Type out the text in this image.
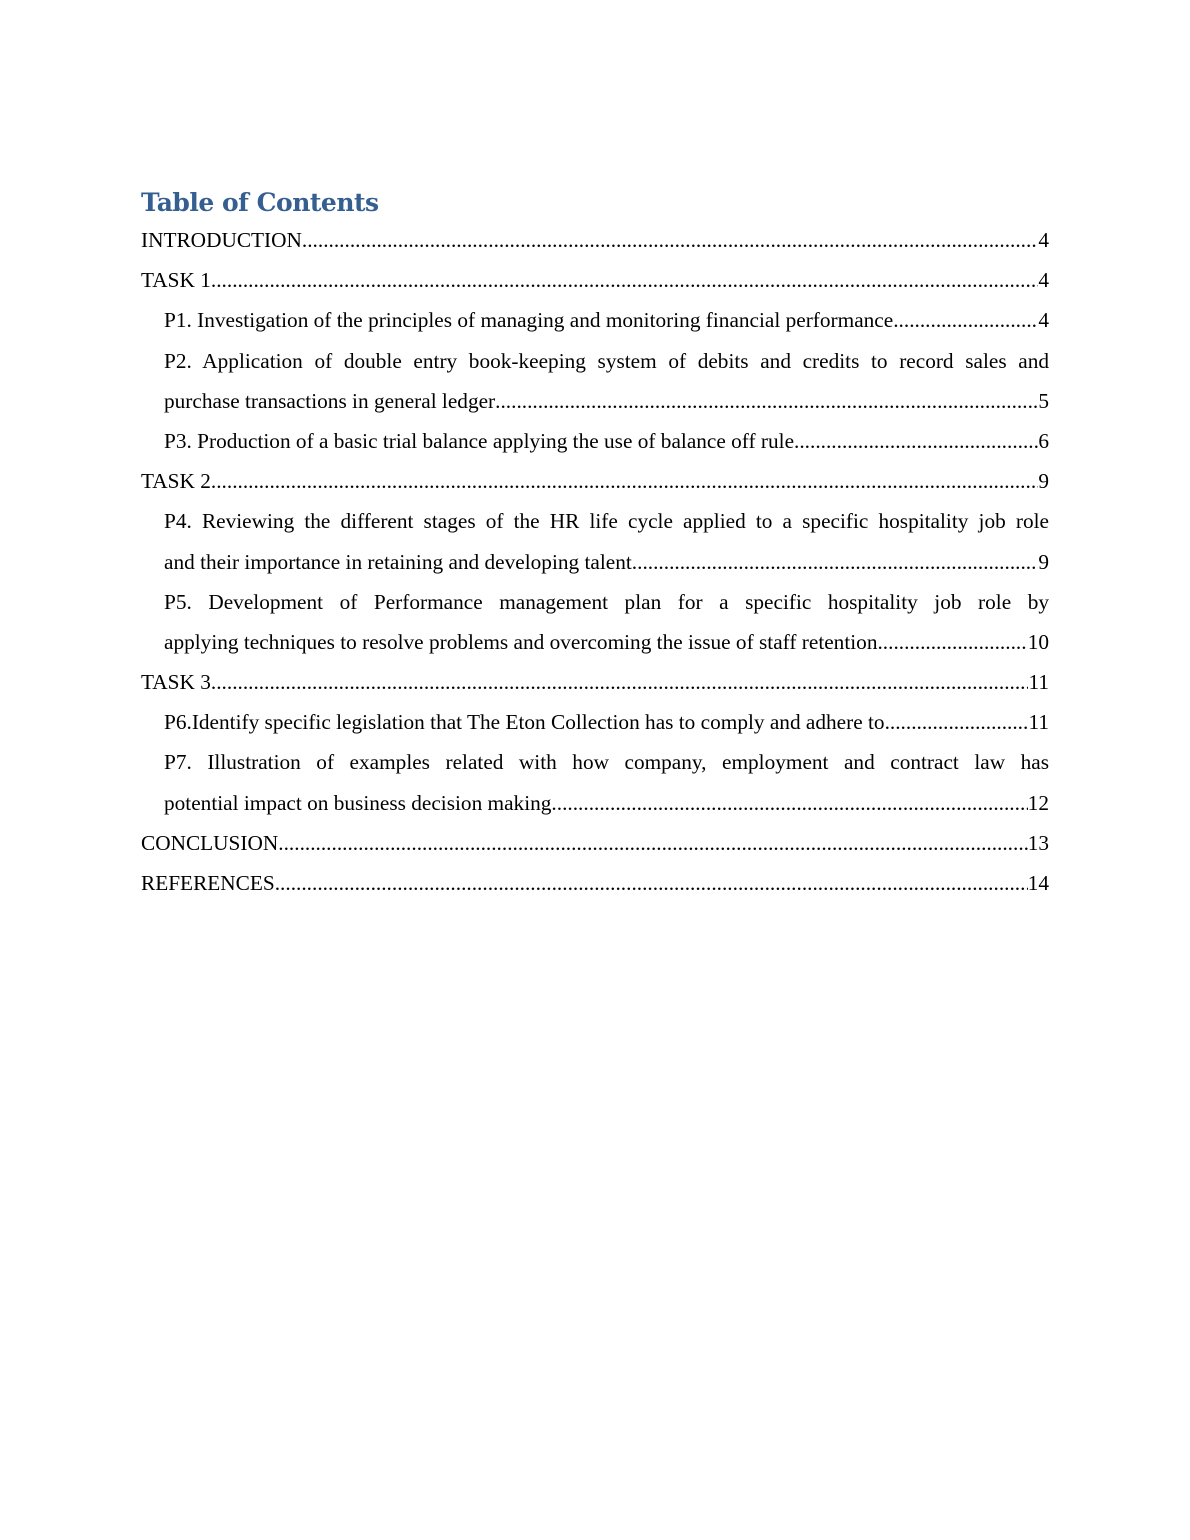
Table of Contents
INTRODUCTION .....	4
TASK 1 .....	4
P1. Investigation of the principles of managing and monitoring financial performance .....	4
P2. Application of double entry book-keeping system of debits and credits to record sales and
purchase transactions in general ledger .....	5
P3. Production of a basic trial balance applying the use of balance off rule .....	6
TASK 2 .....	9
P4. Reviewing the different stages of the HR life cycle applied to a specific hospitality job role
and their importance in retaining and developing talent .....	9
P5. Development of Performance management plan for a specific hospitality job role by
applying techniques to resolve problems and overcoming the issue of staff retention .....	10
TASK 3 .....	11
P6.Identify specific legislation that The Eton Collection has to comply and adhere to .....	11
P7. Illustration of examples related with how company, employment and contract law has
potential impact on business decision making .....	12
CONCLUSION .....	13
REFERENCES .....	14
